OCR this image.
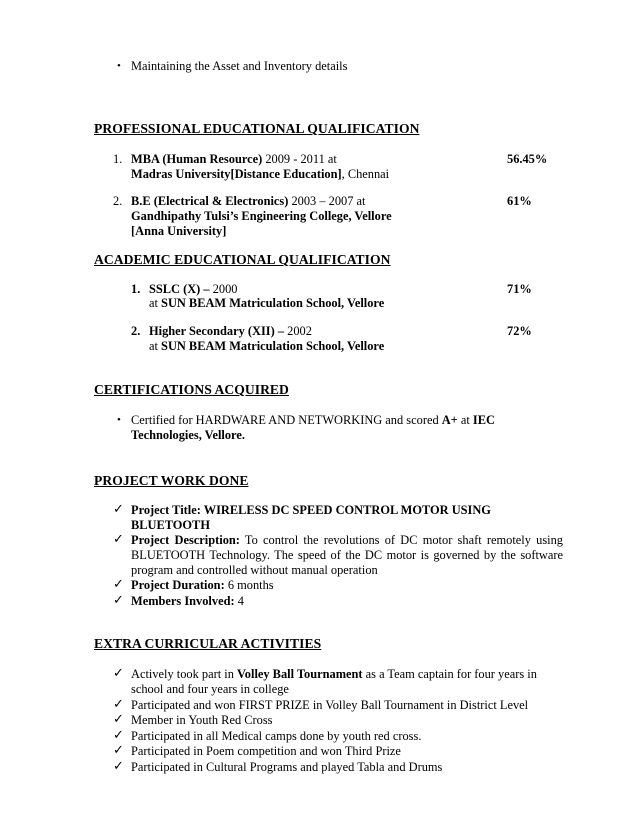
• Maintaining the Asset and Inventory details
PROFESSIONAL EDUCATIONAL QUALIFICATION
1. MBA (Human Resource) 2009 - 2011 at
Madras University[Distance Education], Chennai
56.45%
2. B.E (Electrical & Electronics) 2003 – 2007 at
Gandhipathy Tulsi’s Engineering College, Vellore
[Anna University]
61%
ACADEMIC EDUCATIONAL QUALIFICATION
1. SSLC (X) – 2000
at SUN BEAM Matriculation School, Vellore
71%
2. Higher Secondary (XII) – 2002
at SUN BEAM Matriculation School, Vellore
72%
CERTIFICATIONS ACQUIRED
• Certified for HARDWARE AND NETWORKING and scored A+ at IEC
Technologies, Vellore.
PROJECT WORK DONE
✓ Project Title: WIRELESS DC SPEED CONTROL MOTOR USING
BLUETOOTH
✓ Project Description: To control the revolutions of DC motor shaft remotely using
BLUETOOTH Technology. The speed of the DC motor is governed by the software
program and controlled without manual operation
✓ Project Duration: 6 months
✓ Members Involved: 4
EXTRA CURRICULAR ACTIVITIES
✓ Actively took part in Volley Ball Tournament as a Team captain for four years in
school and four years in college
✓ Participated and won FIRST PRIZE in Volley Ball Tournament in District Level
✓ Member in Youth Red Cross
✓ Participated in all Medical camps done by youth red cross.
✓ Participated in Poem competition and won Third Prize
✓ Participated in Cultural Programs and played Tabla and Drums
